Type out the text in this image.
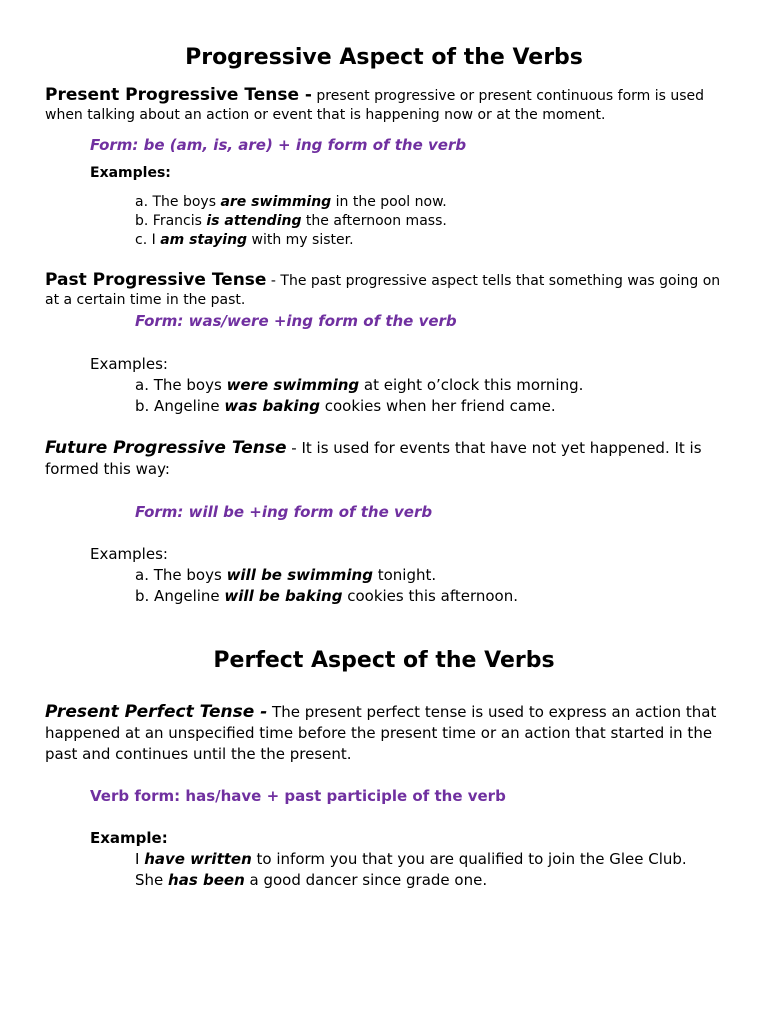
Progressive Aspect of the Verbs
Present Progressive Tense - present progressive or present continuous form is used when talking about an action or event that is happening now or at the moment.
Form: be (am, is, are) + ing form of the verb
Examples:
a. The boys are swimming in the pool now.
b. Francis is attending the afternoon mass.
c. I am staying with my sister.
Past Progressive Tense - The past progressive aspect tells that something was going on at a certain time in the past.
Form: was/were +ing form of the verb
Examples:
a. The boys were swimming at eight o’clock this morning.
b. Angeline was baking cookies when her friend came.
Future Progressive Tense - It is used for events that have not yet happened. It is formed this way:
Form: will be +ing form of the verb
Examples:
a. The boys will be swimming tonight.
b. Angeline will be baking cookies this afternoon.
Perfect Aspect of the Verbs
Present Perfect Tense - The present perfect tense is used to express an action that happened at an unspecified time before the present time or an action that started in the past and continues until the the present.
Verb form: has/have + past participle of the verb
Example:
I have written to inform you that you are qualified to join the Glee Club.
She has been a good dancer since grade one.
